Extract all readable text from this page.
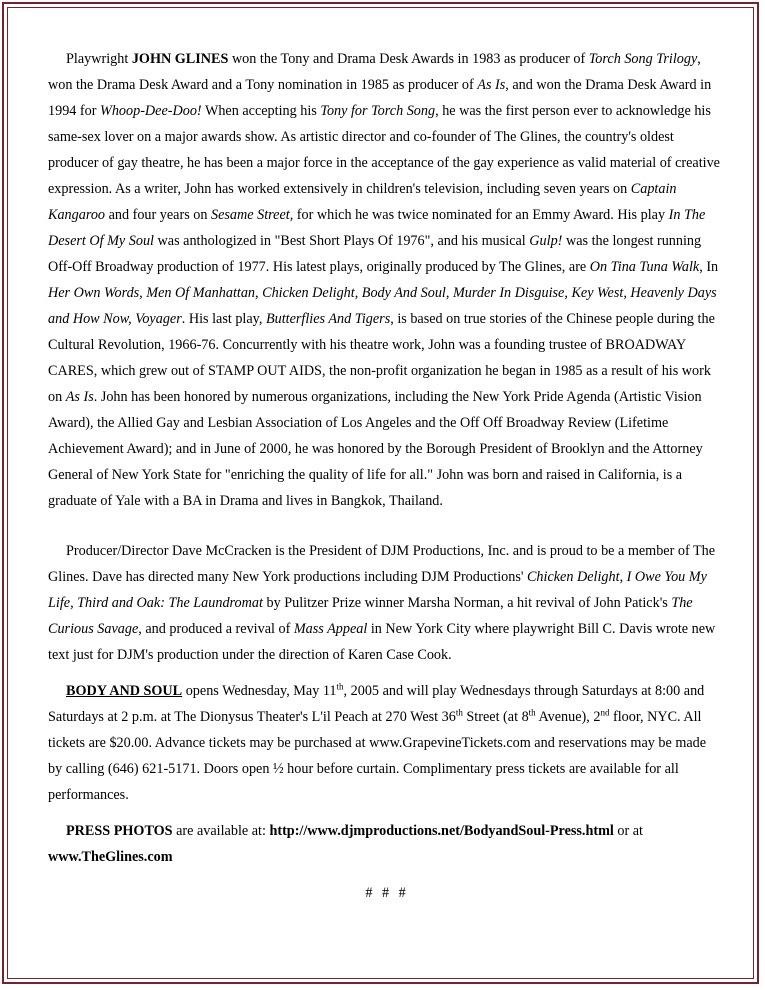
Playwright JOHN GLINES won the Tony and Drama Desk Awards in 1983 as producer of Torch Song Trilogy, won the Drama Desk Award and a Tony nomination in 1985 as producer of As Is, and won the Drama Desk Award in 1994 for Whoop-Dee-Doo! When accepting his Tony for Torch Song, he was the first person ever to acknowledge his same-sex lover on a major awards show. As artistic director and co-founder of The Glines, the country's oldest producer of gay theatre, he has been a major force in the acceptance of the gay experience as valid material of creative expression. As a writer, John has worked extensively in children's television, including seven years on Captain Kangaroo and four years on Sesame Street, for which he was twice nominated for an Emmy Award. His play In The Desert Of My Soul was anthologized in "Best Short Plays Of 1976", and his musical Gulp! was the longest running Off-Off Broadway production of 1977. His latest plays, originally produced by The Glines, are On Tina Tuna Walk, In Her Own Words, Men Of Manhattan, Chicken Delight, Body And Soul, Murder In Disguise, Key West, Heavenly Days and How Now, Voyager. His last play, Butterflies And Tigers, is based on true stories of the Chinese people during the Cultural Revolution, 1966-76. Concurrently with his theatre work, John was a founding trustee of BROADWAY CARES, which grew out of STAMP OUT AIDS, the non-profit organization he began in 1985 as a result of his work on As Is. John has been honored by numerous organizations, including the New York Pride Agenda (Artistic Vision Award), the Allied Gay and Lesbian Association of Los Angeles and the Off Off Broadway Review (Lifetime Achievement Award); and in June of 2000, he was honored by the Borough President of Brooklyn and the Attorney General of New York State for "enriching the quality of life for all." John was born and raised in California, is a graduate of Yale with a BA in Drama and lives in Bangkok, Thailand.

Producer/Director Dave McCracken is the President of DJM Productions, Inc. and is proud to be a member of The Glines. Dave has directed many New York productions including DJM Productions' Chicken Delight, I Owe You My Life, Third and Oak: The Laundromat by Pulitzer Prize winner Marsha Norman, a hit revival of John Patick's The Curious Savage, and produced a revival of Mass Appeal in New York City where playwright Bill C. Davis wrote new text just for DJM's production under the direction of Karen Case Cook.

BODY AND SOUL opens Wednesday, May 11th, 2005 and will play Wednesdays through Saturdays at 8:00 and Saturdays at 2 p.m. at The Dionysus Theater's L'il Peach at 270 West 36th Street (at 8th Avenue), 2nd floor, NYC. All tickets are $20.00. Advance tickets may be purchased at www.GrapevineTickets.com and reservations may be made by calling (646) 621-5171. Doors open ½ hour before curtain. Complimentary press tickets are available for all performances.

PRESS PHOTOS are available at: http://www.djmproductions.net/BodyandSoul-Press.html or at www.TheGlines.com

# # #
